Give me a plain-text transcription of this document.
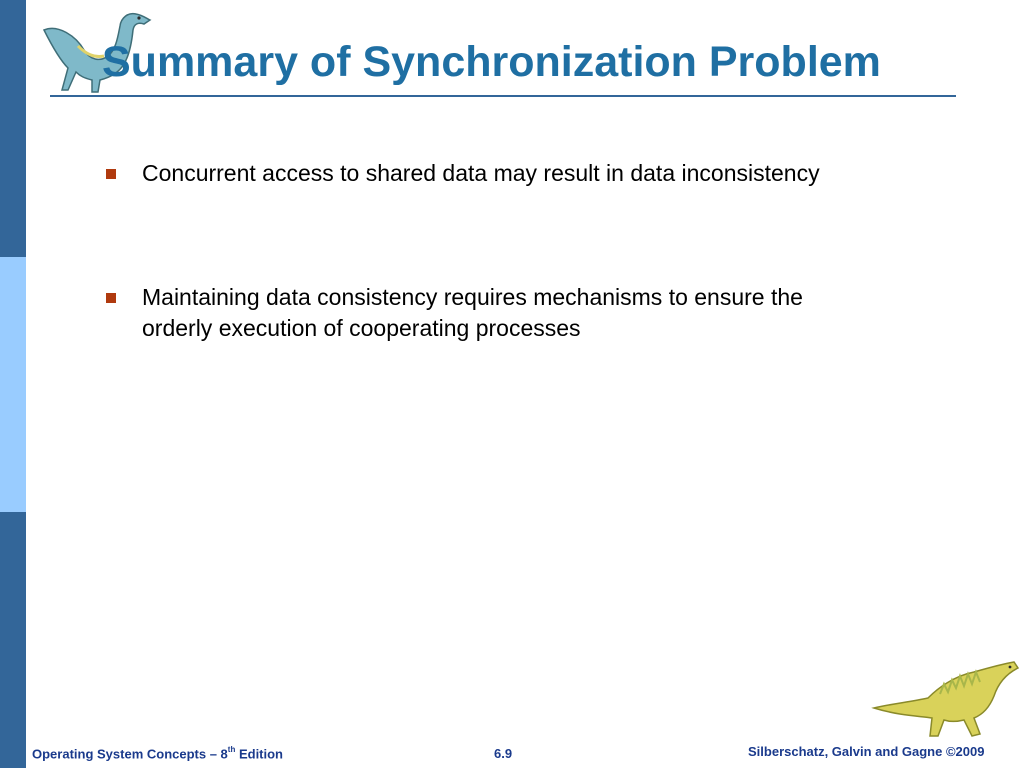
Summary of Synchronization Problem
Concurrent access to shared data may result in data inconsistency
Maintaining data consistency requires mechanisms to ensure the orderly execution of cooperating processes
Operating System Concepts – 8th Edition	6.9	Silberschatz, Galvin and Gagne ©2009
